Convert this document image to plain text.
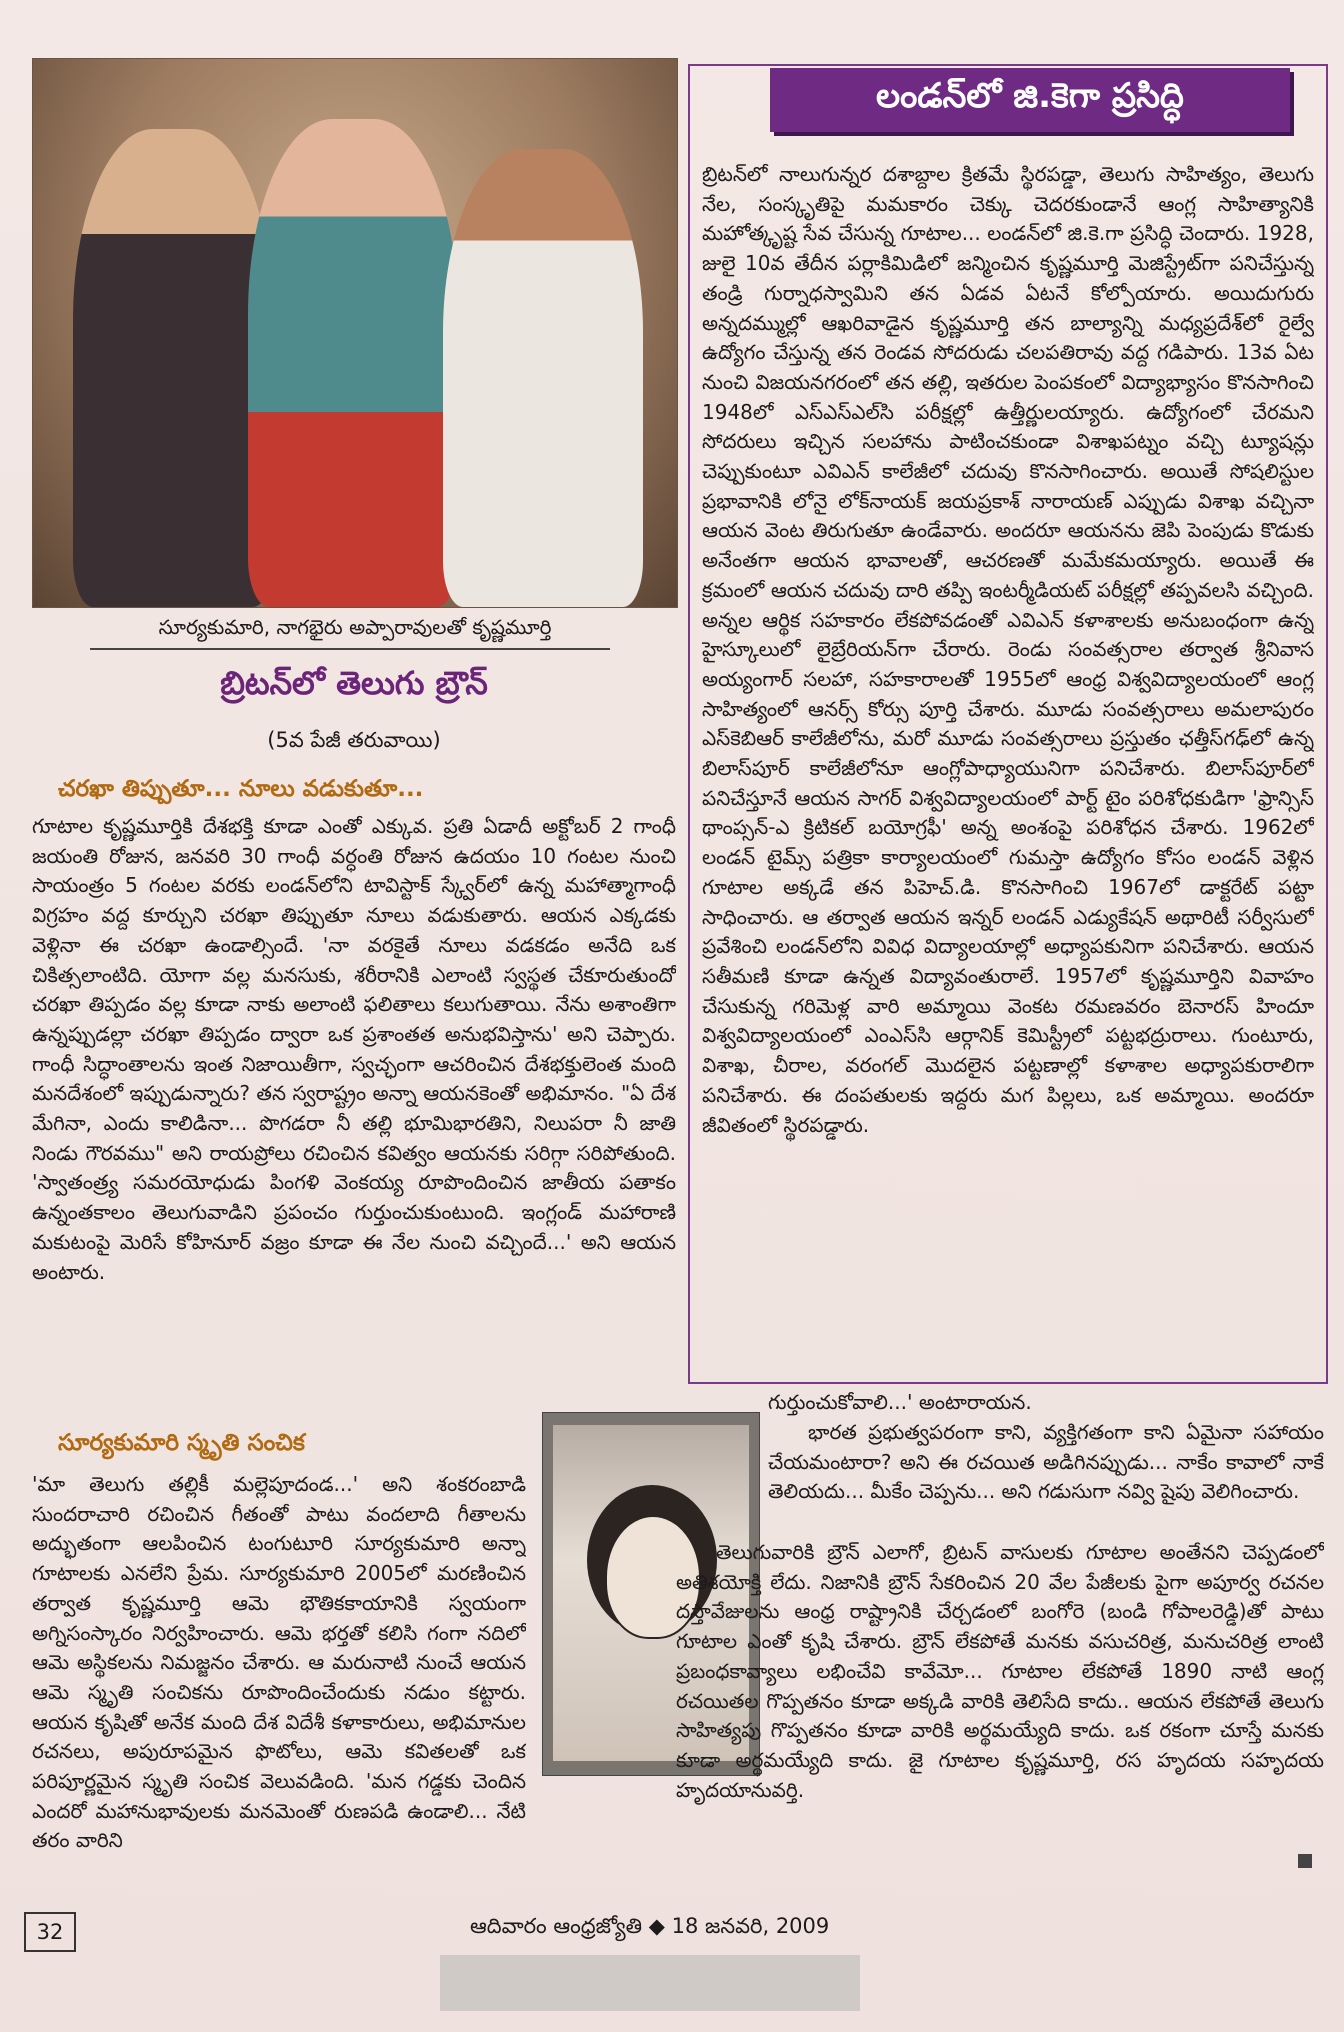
సూర్యకుమారి, నాగభైరు అప్పారావులతో కృష్ణమూర్తి
బ్రిటన్‌లో తెలుగు బ్రౌన్
(5వ పేజీ తరువాయి)
చరఖా తిప్పుతూ... నూలు వడుకుతూ...

గూటాల కృష్ణమూర్తికి దేశభక్తి కూడా ఎంతో ఎక్కువ. ప్రతి ఏడాదీ అక్టోబర్ 2 గాంధీ జయంతి రోజున, జనవరి 30 గాంధీ వర్ధంతి రోజున ఉదయం 10 గంటల నుంచి సాయంత్రం 5 గంటల వరకు లండన్‌లోని టావిస్టాక్ స్క్వేర్‌లో ఉన్న మహాత్మాగాంధీ విగ్రహం వద్ద కూర్చుని చరఖా తిప్పుతూ నూలు వడుకుతారు. ఆయన ఎక్కడకు వెళ్లినా ఈ చరఖా ఉండాల్సిందే. 'నా వరకైతే నూలు వడకడం అనేది ఒక చికిత్సలాంటిది. యోగా వల్ల మనసుకు, శరీరానికి ఎలాంటి స్వస్థత చేకూరుతుందో చరఖా తిప్పడం వల్ల కూడా నాకు అలాంటి ఫలితాలు కలుగుతాయి. నేను అశాంతిగా ఉన్నప్పుడల్లా చరఖా తిప్పడం ద్వారా ఒక ప్రశాంతత అనుభవిస్తాను' అని చెప్పారు. గాంధీ సిద్ధాంతాలను ఇంత నిజాయితీగా, స్వచ్ఛంగా ఆచరించిన దేశభక్తులెంత మంది మనదేశంలో ఇప్పుడున్నారు? తన స్వరాష్ట్రం అన్నా ఆయనకెంతో అభిమానం. "ఏ దేశ మేగినా, ఎందు కాలిడినా... పొగడరా నీ తల్లి భూమిభారతిని, నిలుపరా నీ జాతి నిండు గౌరవము" అని రాయప్రోలు రచించిన కవిత్వం ఆయనకు సరిగ్గా సరిపోతుంది. 'స్వాతంత్ర్య సమరయోధుడు పింగళి వెంకయ్య రూపొందించిన జాతీయ పతాకం ఉన్నంతకాలం తెలుగువాడిని ప్రపంచం గుర్తుంచుకుంటుంది. ఇంగ్లండ్ మహారాణి మకుటంపై మెరిసే కోహినూర్ వజ్రం కూడా ఈ నేల నుంచి వచ్చిందే...' అని ఆయన అంటారు.

సూర్యకుమారి స్మృతి సంచిక

'మా తెలుగు తల్లికీ మల్లెపూదండ...' అని శంకరంబాడి సుందరాచారి రచించిన గీతంతో పాటు వందలాది గీతాలను అద్భుతంగా ఆలపించిన టంగుటూరి సూర్యకుమారి అన్నా గూటాలకు ఎనలేని ప్రేమ. సూర్యకుమారి 2005లో మరణించిన తర్వాత కృష్ణమూర్తి ఆమె భౌతికకాయానికి స్వయంగా అగ్నిసంస్కారం నిర్వహించారు. ఆమె భర్తతో కలిసి గంగా నదిలో ఆమె అస్థికలను నిమజ్జనం చేశారు. ఆ మరునాటి నుంచే ఆయన ఆమె స్మృతి సంచికను రూపొందించేందుకు నడుం కట్టారు. ఆయన కృషితో అనేక మంది దేశ విదేశీ కళాకారులు, అభిమానుల రచనలు, అపురూపమైన ఫొటోలు, ఆమె కవితలతో ఒక పరిపూర్ణమైన స్మృతి సంచిక వెలువడింది. 'మన గడ్డకు చెందిన ఎందరో మహానుభావులకు మనమెంతో రుణపడి ఉండాలి... నేటి తరం వారిని

లండన్‌లో జి.కెగా ప్రసిద్ధి

బ్రిటన్‌లో నాలుగున్నర దశాబ్దాల క్రితమే స్థిరపడ్డా, తెలుగు సాహిత్యం, తెలుగు నేల, సంస్కృతిపై మమకారం చెక్కు చెదరకుండానే ఆంగ్ల సాహిత్యానికి మహోత్కృష్ట సేవ చేసున్న గూటాల... లండన్‌లో జి.కె.గా ప్రసిద్ధి చెందారు. 1928, జులై 10వ తేదీన పర్లాకిమిడిలో జన్మించిన కృష్ణమూర్తి మెజిస్ట్రేట్‌గా పనిచేస్తున్న తండ్రి గుర్నాధస్వామిని తన ఏడవ ఏటనే కోల్పోయారు. అయిదుగురు అన్నదమ్ముల్లో ఆఖరివాడైన కృష్ణమూర్తి తన బాల్యాన్ని మధ్యప్రదేశ్‌లో రైల్వే ఉద్యోగం చేస్తున్న తన రెండవ సోదరుడు చలపతిరావు వద్ద గడిపారు. 13వ ఏట నుంచి విజయనగరంలో తన తల్లి, ఇతరుల పెంపకంలో విద్యాభ్యాసం కొనసాగించి 1948లో ఎస్ఎస్ఎల్‌సి పరీక్షల్లో ఉత్తీర్ణులయ్యారు. ఉద్యోగంలో చేరమని సోదరులు ఇచ్చిన సలహాను పాటించకుండా విశాఖపట్నం వచ్చి ట్యూషన్లు చెప్పుకుంటూ ఎవిఎన్ కాలేజీలో చదువు కొనసాగించారు. అయితే సోషలిస్టుల ప్రభావానికి లోనై లోక్‌నాయక్ జయప్రకాశ్ నారాయణ్ ఎప్పుడు విశాఖ వచ్చినా ఆయన వెంట తిరుగుతూ ఉండేవారు. అందరూ ఆయనను జెపి పెంపుడు కొడుకు అనేంతగా ఆయన భావాలతో, ఆచరణతో మమేకమయ్యారు. అయితే ఈ క్రమంలో ఆయన చదువు దారి తప్పి ఇంటర్మీడియట్ పరీక్షల్లో తప్పవలసి వచ్చింది. అన్నల ఆర్థిక సహకారం లేకపోవడంతో ఎవిఎన్ కళాశాలకు అనుబంధంగా ఉన్న హైస్కూలులో లైబ్రేరియన్‌గా చేరారు. రెండు సంవత్సరాల తర్వాత శ్రీనివాస అయ్యంగార్ సలహా, సహకారాలతో 1955లో ఆంధ్ర విశ్వవిద్యాలయంలో ఆంగ్ల సాహిత్యంలో ఆనర్స్ కోర్సు పూర్తి చేశారు. మూడు సంవత్సరాలు అమలాపురం ఎస్‌కెబిఆర్ కాలేజీలోను, మరో మూడు సంవత్సరాలు ప్రస్తుతం ఛత్తీస్‌గఢ్‌లో ఉన్న బిలాస్‌పూర్ కాలేజీలోనూ ఆంగ్లోపాధ్యాయునిగా పనిచేశారు. బిలాస్‌పూర్‌లో పనిచేస్తూనే ఆయన సాగర్ విశ్వవిద్యాలయంలో పార్ట్ టైం పరిశోధకుడిగా 'ఫ్రాన్సిస్ థాంప్సన్-ఎ క్రిటికల్ బయోగ్రఫీ' అన్న అంశంపై పరిశోధన చేశారు. 1962లో లండన్ టైమ్స్ పత్రికా కార్యాలయంలో గుమస్తా ఉద్యోగం కోసం లండన్ వెళ్లిన గూటాల అక్కడే తన పిహెచ్.డి. కొనసాగించి 1967లో డాక్టరేట్ పట్టా సాధించారు. ఆ తర్వాత ఆయన ఇన్నర్ లండన్ ఎడ్యుకేషన్ అథారిటీ సర్వీసులో ప్రవేశించి లండన్‌లోని వివిధ విద్యాలయాల్లో అధ్యాపకునిగా పనిచేశారు. ఆయన సతీమణి కూడా ఉన్నత విద్యావంతురాలే. 1957లో కృష్ణమూర్తిని వివాహం చేసుకున్న గరిమెళ్ల వారి అమ్మాయి వెంకట రమణవరం బెనారస్ హిందూ విశ్వవిద్యాలయంలో ఎంఎస్‌సి ఆర్గానిక్ కెమిస్ట్రీలో పట్టభద్రురాలు. గుంటూరు, విశాఖ, చీరాల, వరంగల్ మొదలైన పట్టణాల్లో కళాశాల అధ్యాపకురాలిగా పనిచేశారు. ఈ దంపతులకు ఇద్దరు మగ పిల్లలు, ఒక అమ్మాయి. అందరూ జీవితంలో స్థిరపడ్డారు.

గుర్తుంచుకోవాలి...' అంటారాయన.

భారత ప్రభుత్వపరంగా కాని, వ్యక్తిగతంగా కాని ఏమైనా సహాయం చేయమంటారా? అని ఈ రచయిత అడిగినప్పుడు... నాకేం కావాలో నాకే తెలియదు... మీకేం చెప్పను... అని గడుసుగా నవ్వి షైపు వెలిగించారు.

తెలుగువారికి బ్రౌన్ ఎలాగో, బ్రిటన్ వాసులకు గూటాల అంతేనని చెప్పడంలో అతిశయోక్తి లేదు. నిజానికి బ్రౌన్ సేకరించిన 20 వేల పేజీలకు పైగా అపూర్వ రచనల దస్తావేజులను ఆంధ్ర రాష్ట్రానికి చేర్చడంలో బంగోరె (బండి గోపాలరెడ్డి)తో పాటు గూటాల ఎంతో కృషి చేశారు. బ్రౌన్ లేకపోతే మనకు వసుచరిత్ర, మనుచరిత్ర లాంటి ప్రబంధకావ్యాలు లభించేవి కావేమో... గూటాల లేకపోతే 1890 నాటి ఆంగ్ల రచయితల గొప్పతనం కూడా అక్కడి వారికి తెలిసేది కాదు.. ఆయన లేకపోతే తెలుగు సాహిత్యపు గొప్పతనం కూడా వారికి అర్థమయ్యేది కాదు. ఒక రకంగా చూస్తే మనకు కూడా అర్థమయ్యేది కాదు. జై గూటాల కృష్ణమూర్తి, రస హృదయ సహృదయ హృదయానువర్తి.

32	ఆదివారం ఆంధ్రజ్యోతి ◆ 18 జనవరి, 2009
